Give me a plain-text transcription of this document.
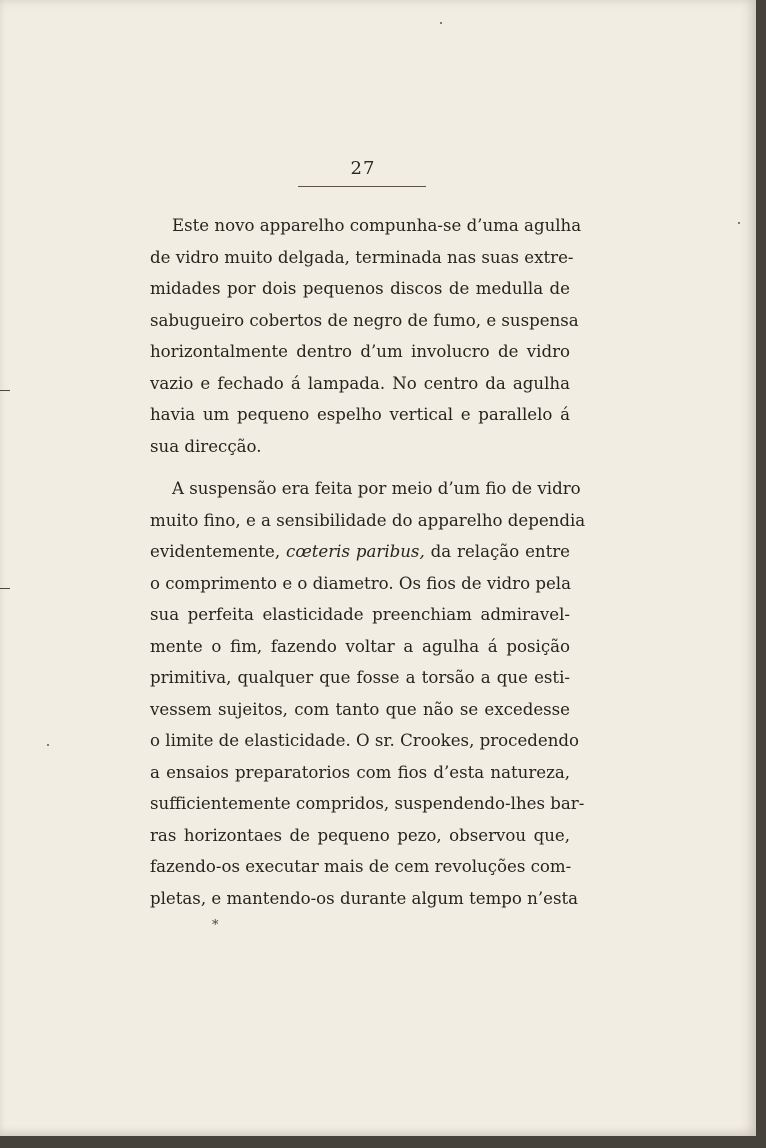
27
Este novo apparelho compunha-se d’uma agulha
de vidro muito delgada, terminada nas suas extre-
midades por dois pequenos discos de medulla de
sabugueiro cobertos de negro de fumo, e suspensa
horizontalmente dentro d’um involucro de vidro
vazio e fechado á lampada. No centro da agulha
havia um pequeno espelho vertical e parallelo á
sua direcção.
A suspensão era feita por meio d’um fio de vidro
muito fino, e a sensibilidade do apparelho dependia
evidentemente, cœteris paribus, da relação entre
o comprimento e o diametro. Os fios de vidro pela
sua perfeita elasticidade preenchiam admiravel-
mente o fim, fazendo voltar a agulha á posição
primitiva, qualquer que fosse a torsão a que esti-
vessem sujeitos, com tanto que não se excedesse
o limite de elasticidade. O sr. Crookes, procedendo
a ensaios preparatorios com fios d’esta natureza,
sufficientemente compridos, suspendendo-lhes bar-
ras horizontaes de pequeno pezo, observou que,
fazendo-os executar mais de cem revoluções com-
pletas, e mantendo-os durante algum tempo n’esta
*
